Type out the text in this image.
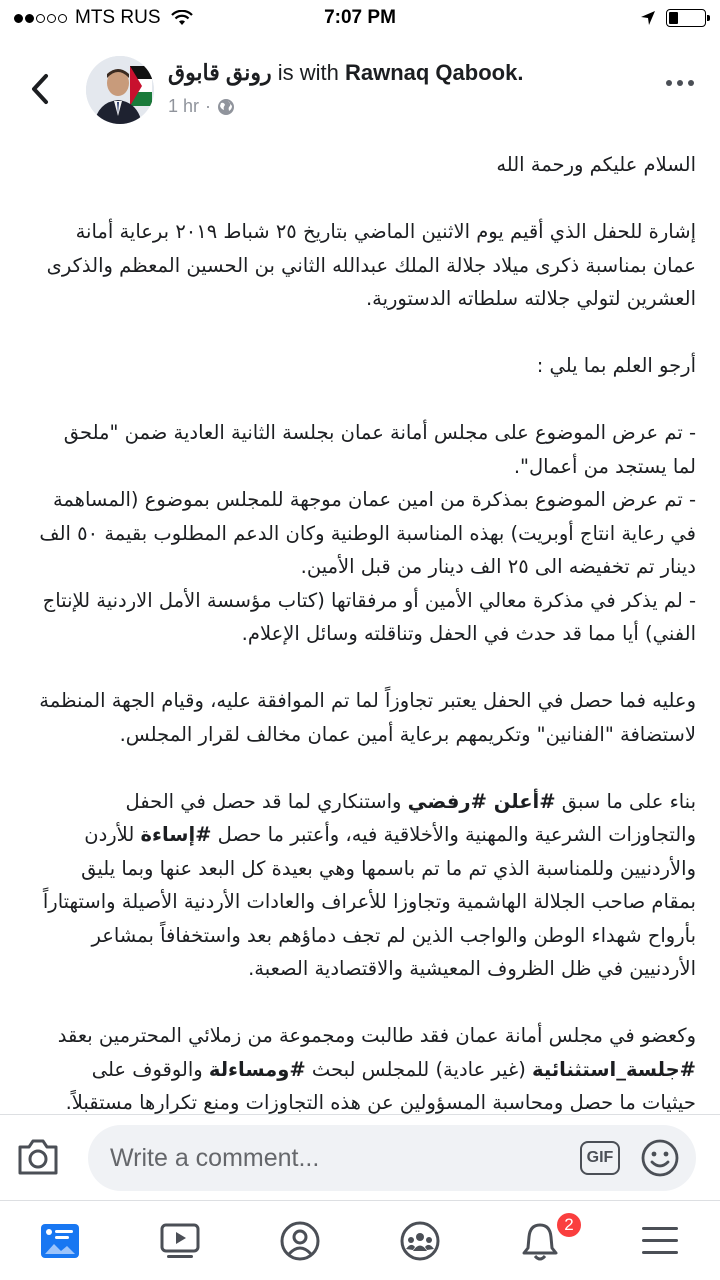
MTS RUS	7:07 PM
رونق قابوق is with Rawnaq Qabook.
1 hr ·

السلام عليكم ورحمة الله

إشارة للحفل الذي أقيم يوم الاثنين الماضي بتاريخ ٢٥ شباط ٢٠١٩ برعاية أمانة عمان بمناسبة ذكرى ميلاد جلالة الملك عبدالله الثاني بن الحسين المعظم والذكرى العشرين لتولي جلالته سلطاته الدستورية.

أرجو العلم بما يلي :

- تم عرض الموضوع على مجلس أمانة عمان بجلسة الثانية العادية ضمن "ملحق لما يستجد من أعمال".

- تم عرض الموضوع بمذكرة من امين عمان موجهة للمجلس بموضوع (المساهمة في رعاية انتاج أوبريت) بهذه المناسبة الوطنية وكان الدعم المطلوب بقيمة ٥٠ الف دينار تم تخفيضه الى ٢٥ الف دينار من قبل الأمين.

- لم يذكر في مذكرة معالي الأمين أو مرفقاتها (كتاب مؤسسة الأمل الاردنية للإنتاج الفني) أيا مما قد حدث في الحفل وتناقلته وسائل الإعلام.

وعليه فما حصل في الحفل يعتبر تجاوزاً لما تم الموافقة عليه، وقيام الجهة المنظمة لاستضافة "الفنانين" وتكريمهم برعاية أمين عمان مخالف لقرار المجلس.

بناء على ما سبق #أعلن #رفضي واستنكاري لما قد حصل في الحفل والتجاوزات الشرعية والمهنية والأخلاقية فيه، وأعتبر ما حصل #إساءة للأردن والأردنيين وللمناسبة الذي تم ما تم باسمها وهي بعيدة كل البعد عنها وبما يليق بمقام صاحب الجلالة الهاشمية وتجاوزا للأعراف والعادات الأردنية الأصيلة واستهتاراً بأرواح شهداء الوطن والواجب الذين لم تجف دماؤهم بعد واستخفافاً بمشاعر الأردنيين في ظل الظروف المعيشية والاقتصادية الصعبة.

وكعضو في مجلس أمانة عمان فقد طالبت ومجموعة من زملائي المحترمين بعقد #جلسة_استثنائية (غير عادية) للمجلس لبحث #ومساءلة والوقوف على حيثيات ما حصل ومحاسبة المسؤولين عن هذه التجاوزات ومنع تكرارها مستقبلاً.

Write a comment...
GIF
2
